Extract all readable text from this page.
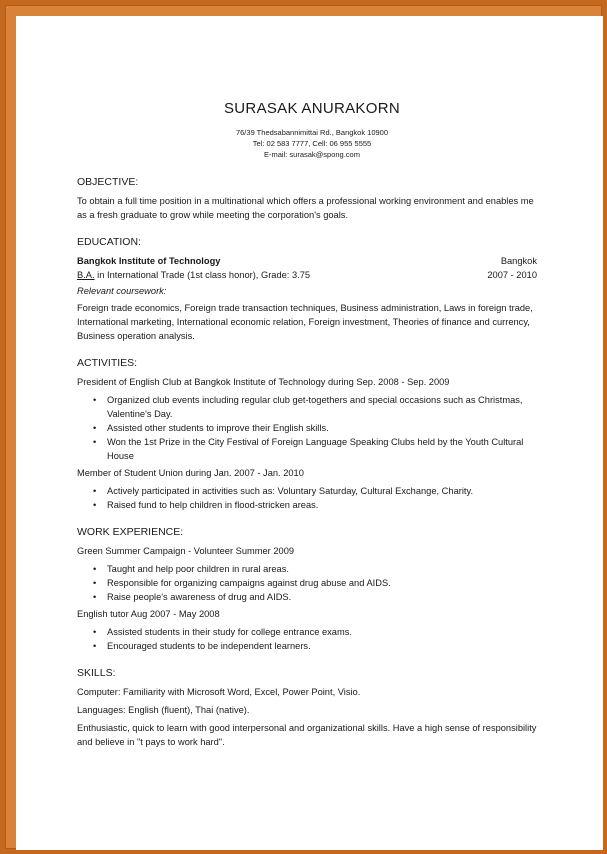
SURASAK ANURAKORN
76/39 Thedsabannimittai Rd., Bangkok 10900
Tel: 02 583 7777, Cell: 06 955 5555
E-mail: surasak@spong.com
OBJECTIVE:

To obtain a full time position in a multinational which offers a professional working environment and enables me as a fresh graduate to grow while meeting the corporation's goals.

EDUCATION:
Bangkok Institute of Technology	Bangkok
B.A. in International Trade (1st class honor), Grade: 3.75	2007 - 2010
Relevant coursework:

Foreign trade economics, Foreign trade transaction techniques, Business administration, Laws in foreign trade, International marketing, International economic relation, Foreign investment, Theories of finance and currency, Business operation analysis.

ACTIVITIES:
President of English Club at Bangkok Institute of Technology during Sep. 2008 - Sep. 2009
• Organized club events including regular club get-togethers and special occasions such as Christmas, Valentine's Day.
• Assisted other students to improve their English skills.
• Won the 1st Prize in the City Festival of Foreign Language Speaking Clubs held by the Youth Cultural House
Member of Student Union during Jan. 2007 - Jan. 2010
• Actively participated in activities such as: Voluntary Saturday, Cultural Exchange, Charity.
• Raised fund to help children in flood-stricken areas.
WORK EXPERIENCE:
Green Summer Campaign - Volunteer Summer 2009
• Taught and help poor children in rural areas.
• Responsible for organizing campaigns against drug abuse and AIDS.
• Raise people's awareness of drug and AIDS.
English tutor Aug 2007 - May 2008
• Assisted students in their study for college entrance exams.
• Encouraged students to be independent learners.
SKILLS:

Computer: Familiarity with Microsoft Word, Excel, Power Point, Visio.

Languages: English (fluent), Thai (native).

Enthusiastic, quick to learn with good interpersonal and organizational skills. Have a high sense of responsibility and believe in "t pays to work hard".
